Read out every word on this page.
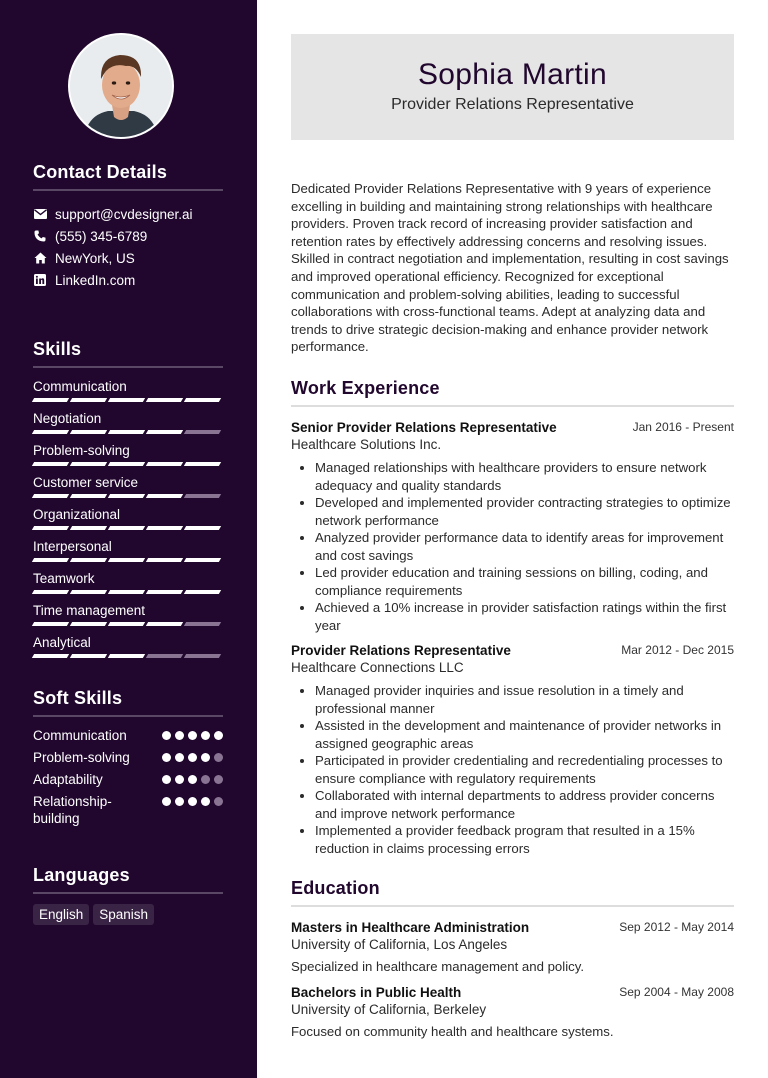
Contact Details
support@cvdesigner.ai
(555) 345-6789
NewYork, US
LinkedIn.com
Skills
Communication
Negotiation
Problem-solving
Customer service
Organizational
Interpersonal
Teamwork
Time management
Analytical
Soft Skills
Communication
Problem-solving
Adaptability
Relationship-building
Languages
English Spanish
Sophia Martin
Provider Relations Representative
Dedicated Provider Relations Representative with 9 years of experience excelling in building and maintaining strong relationships with healthcare providers. Proven track record of increasing provider satisfaction and retention rates by effectively addressing concerns and resolving issues. Skilled in contract negotiation and implementation, resulting in cost savings and improved operational efficiency. Recognized for exceptional communication and problem-solving abilities, leading to successful collaborations with cross-functional teams. Adept at analyzing data and trends to drive strategic decision-making and enhance provider network performance.
Work Experience
Senior Provider Relations Representative	Jan 2016 - Present
Healthcare Solutions Inc.
• Managed relationships with healthcare providers to ensure network adequacy and quality standards
• Developed and implemented provider contracting strategies to optimize network performance
• Analyzed provider performance data to identify areas for improvement and cost savings
• Led provider education and training sessions on billing, coding, and compliance requirements
• Achieved a 10% increase in provider satisfaction ratings within the first year
Provider Relations Representative	Mar 2012 - Dec 2015
Healthcare Connections LLC
• Managed provider inquiries and issue resolution in a timely and professional manner
• Assisted in the development and maintenance of provider networks in assigned geographic areas
• Participated in provider credentialing and recredentialing processes to ensure compliance with regulatory requirements
• Collaborated with internal departments to address provider concerns and improve network performance
• Implemented a provider feedback program that resulted in a 15% reduction in claims processing errors
Education
Masters in Healthcare Administration	Sep 2012 - May 2014
University of California, Los Angeles
Specialized in healthcare management and policy.
Bachelors in Public Health	Sep 2004 - May 2008
University of California, Berkeley
Focused on community health and healthcare systems.
